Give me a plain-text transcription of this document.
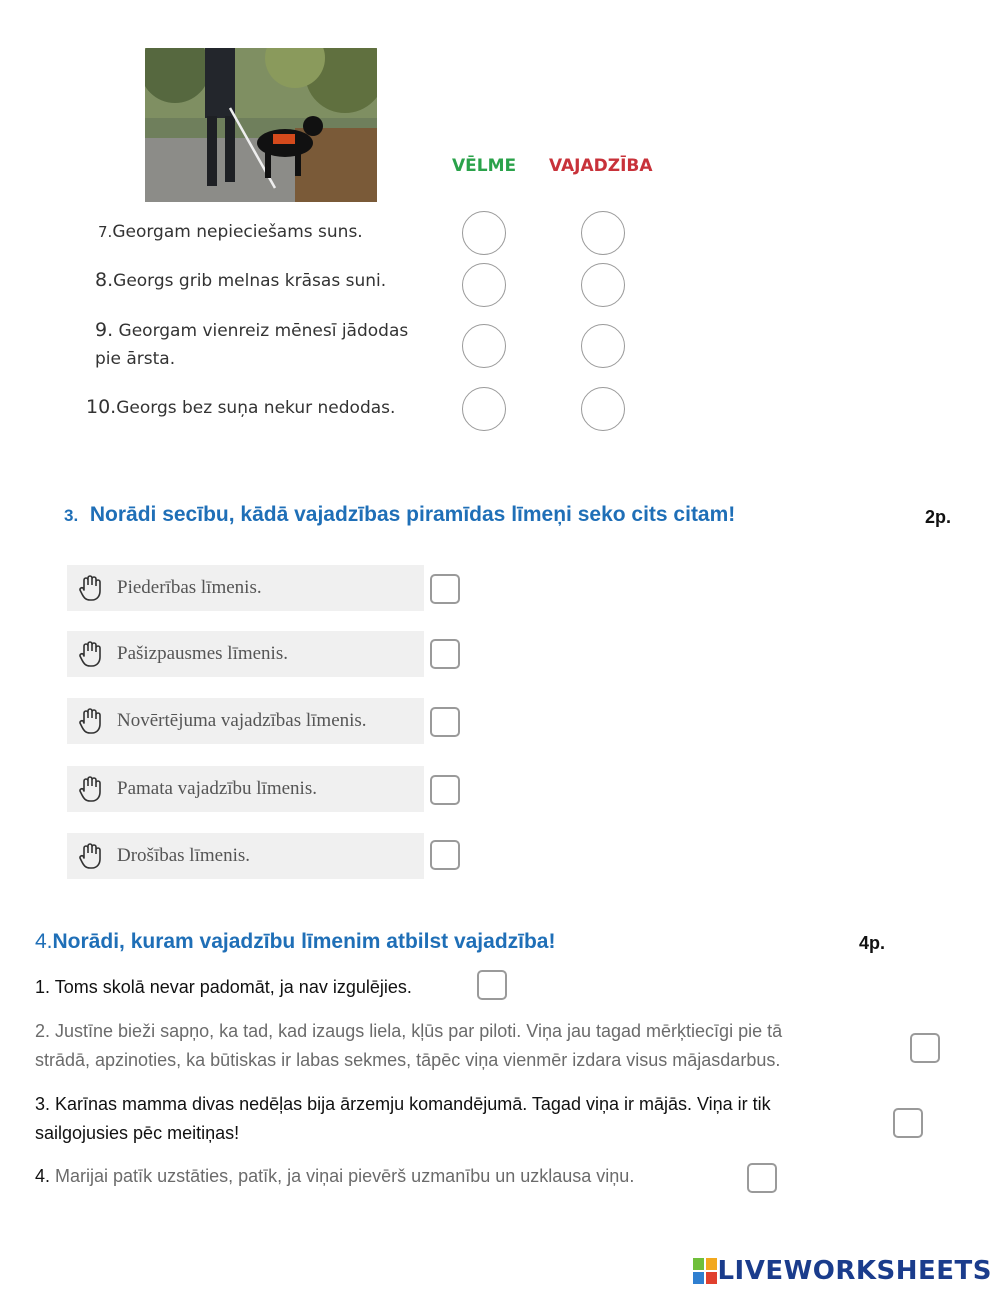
VĒLME VAJADZĪBA
7.Georgam nepieciešams suns.
8.Georgs grib melnas krāsas suni.
9. Georgam vienreiz mēnesī jādodas
pie ārsta.
10.Georgs bez suņa nekur nedodas.
3. Norādi secību, kādā vajadzības piramīdas līmeņi seko cits citam!	2p.
Piederības līmenis.
Pašizpausmes līmenis.
Novērtējuma vajadzības līmenis.
Pamata vajadzību līmenis.
Drošības līmenis.
4.Norādi, kuram vajadzību līmenim atbilst vajadzība!	4p.
1. Toms skolā nevar padomāt, ja nav izgulējies.
2. Justīne bieži sapņo, ka tad, kad izaugs liela, kļūs par piloti. Viņa jau tagad mērķtiecīgi pie tā
strādā, apzinoties, ka būtiskas ir labas sekmes, tāpēc viņa vienmēr izdara visus mājasdarbus.
3. Karīnas mamma divas nedēļas bija ārzemju komandējumā. Tagad viņa ir mājās. Viņa ir tik
sailgojusies pēc meitiņas!
4. Marijai patīk uzstāties, patīk, ja viņai pievērš uzmanību un uzklausa viņu.
LIVEWORKSHEETS
